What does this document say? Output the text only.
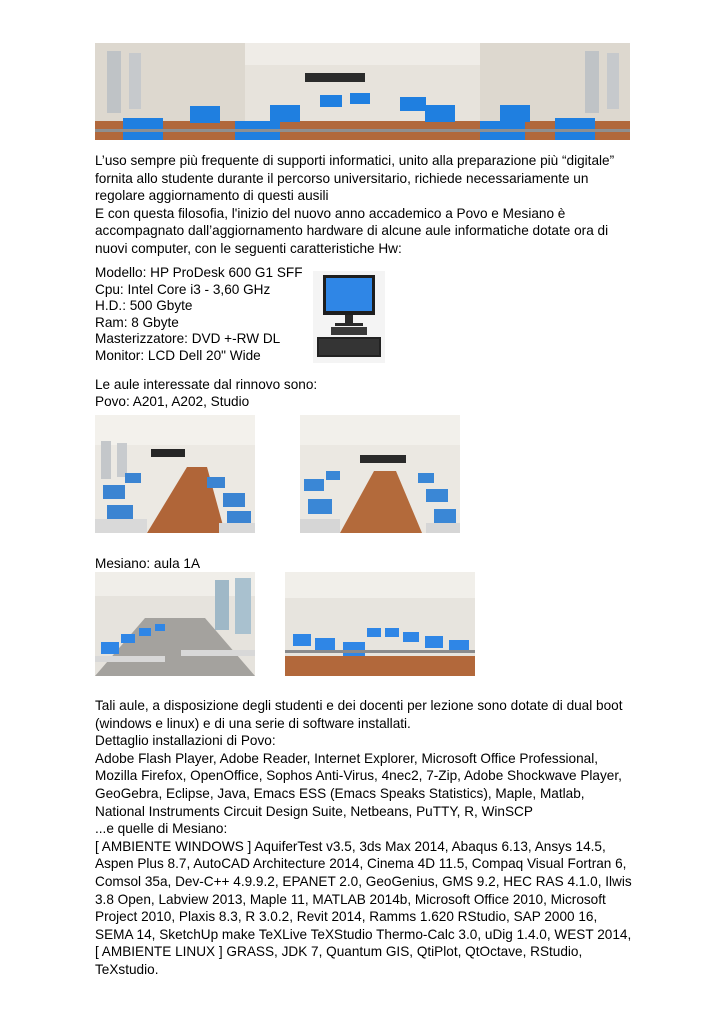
L’uso sempre più frequente di supporti informatici, unito alla preparazione più “digitale”
fornita allo studente durante il percorso universitario, richiede necessariamente un
regolare aggiornamento di questi ausili
E con questa filosofia, l'inizio del nuovo anno accademico a Povo e Mesiano è
accompagnato dall’aggiornamento hardware di alcune aule informatiche dotate ora di
nuovi computer, con le seguenti caratteristiche Hw:

Modello: HP ProDesk 600 G1 SFF
Cpu: Intel Core i3 - 3,60 GHz
H.D.: 500 Gbyte
Ram: 8 Gbyte
Masterizzatore: DVD +-RW DL
Monitor: LCD Dell 20" Wide

Le aule interessate dal rinnovo sono:

Povo: A201, A202, Studio

Mesiano: aula 1A

Tali aule, a disposizione degli studenti e dei docenti per lezione sono dotate di dual boot
(windows e linux) e di una serie di software installati.
Dettaglio installazioni di Povo:
Adobe Flash Player, Adobe Reader, Internet Explorer, Microsoft Office Professional,
Mozilla Firefox, OpenOffice, Sophos Anti-Virus, 4nec2, 7-Zip, Adobe Shockwave Player,
GeoGebra, Eclipse, Java, Emacs ESS (Emacs Speaks Statistics), Maple, Matlab,
National Instruments Circuit Design Suite, Netbeans, PuTTY, R, WinSCP
...e quelle di Mesiano:
[ AMBIENTE WINDOWS ] AquiferTest v3.5, 3ds Max 2014, Abaqus 6.13, Ansys 14.5,
Aspen Plus 8.7, AutoCAD Architecture 2014, Cinema 4D 11.5, Compaq Visual Fortran 6,
Comsol 35a, Dev-C++ 4.9.9.2, EPANET 2.0, GeoGenius, GMS 9.2, HEC RAS 4.1.0, Ilwis
3.8 Open, Labview 2013, Maple 11, MATLAB 2014b, Microsoft Office 2010, Microsoft
Project 2010, Plaxis 8.3, R 3.0.2, Revit 2014, Ramms 1.620 RStudio, SAP 2000 16,
SEMA 14, SketchUp make TeXLive TeXStudio Thermo-Calc 3.0, uDig 1.4.0, WEST 2014,
[ AMBIENTE LINUX ] GRASS, JDK 7, Quantum GIS, QtiPlot, QtOctave, RStudio,
TeXstudio.
